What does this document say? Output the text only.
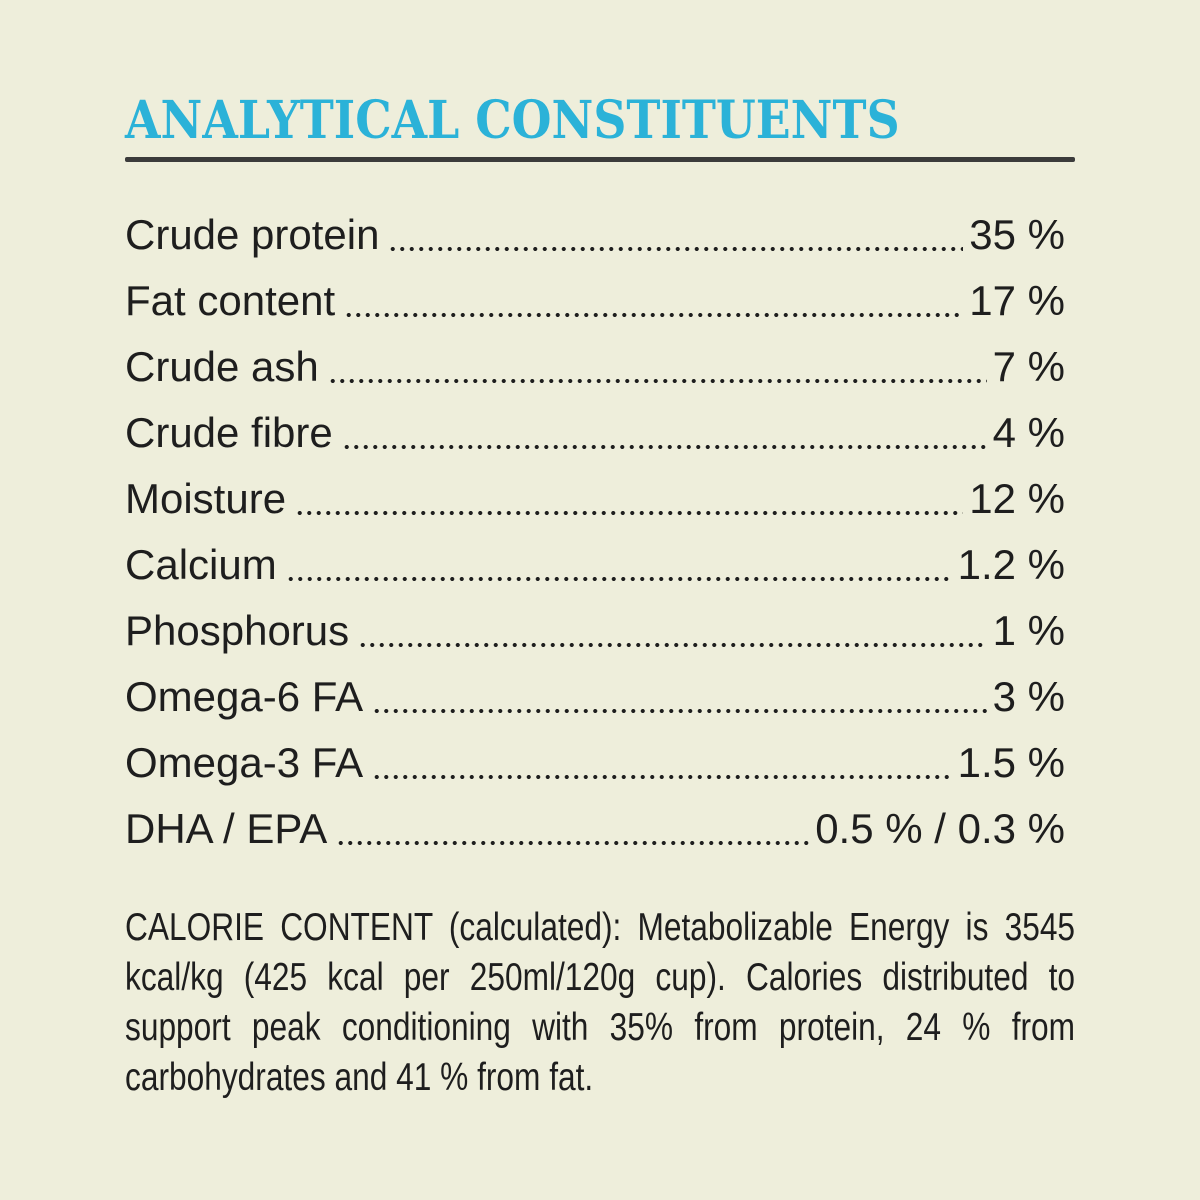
ANALYTICAL CONSTITUENTS
Crude protein	35 %
Fat content	17 %
Crude ash	7 %
Crude fibre	4 %
Moisture	12 %
Calcium	1.2 %
Phosphorus	1 %
Omega-6 FA	3 %
Omega-3 FA	1.5 %
DHA / EPA	0.5 % / 0.3 %
CALORIE CONTENT (calculated): Metabolizable Energy is 3545
kcal/kg (425 kcal per 250ml/120g cup). Calories distributed to
support peak conditioning with 35% from protein, 24 % from
carbohydrates and 41 % from fat.
